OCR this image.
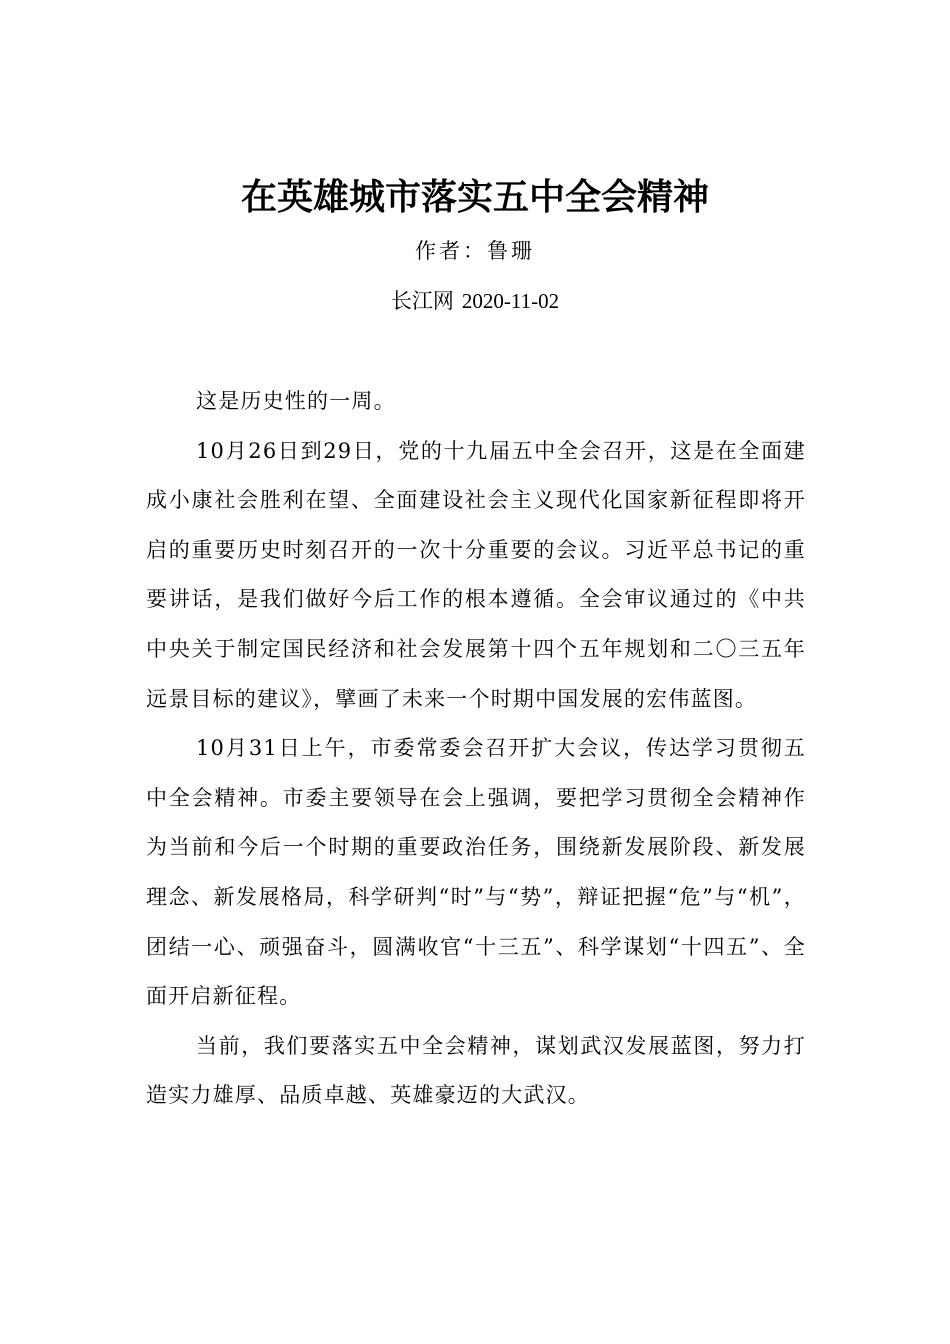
在英雄城市落实五中全会精神
作者：鲁珊
长江网 2020-11-02

这是历史性的一周。

10月26日到29日，党的十九届五中全会召开，这是在全面建成小康社会胜利在望、全面建设社会主义现代化国家新征程即将开启的重要历史时刻召开的一次十分重要的会议。习近平总书记的重要讲话，是我们做好今后工作的根本遵循。全会审议通过的《中共中央关于制定国民经济和社会发展第十四个五年规划和二〇三五年远景目标的建议》，擘画了未来一个时期中国发展的宏伟蓝图。

10月31日上午，市委常委会召开扩大会议，传达学习贯彻五中全会精神。市委主要领导在会上强调，要把学习贯彻全会精神作为当前和今后一个时期的重要政治任务，围绕新发展阶段、新发展理念、新发展格局，科学研判“时”与“势”，辩证把握“危”与“机”，团结一心、顽强奋斗，圆满收官“十三五”、科学谋划“十四五”、全面开启新征程。

当前，我们要落实五中全会精神，谋划武汉发展蓝图，努力打造实力雄厚、品质卓越、英雄豪迈的大武汉。
